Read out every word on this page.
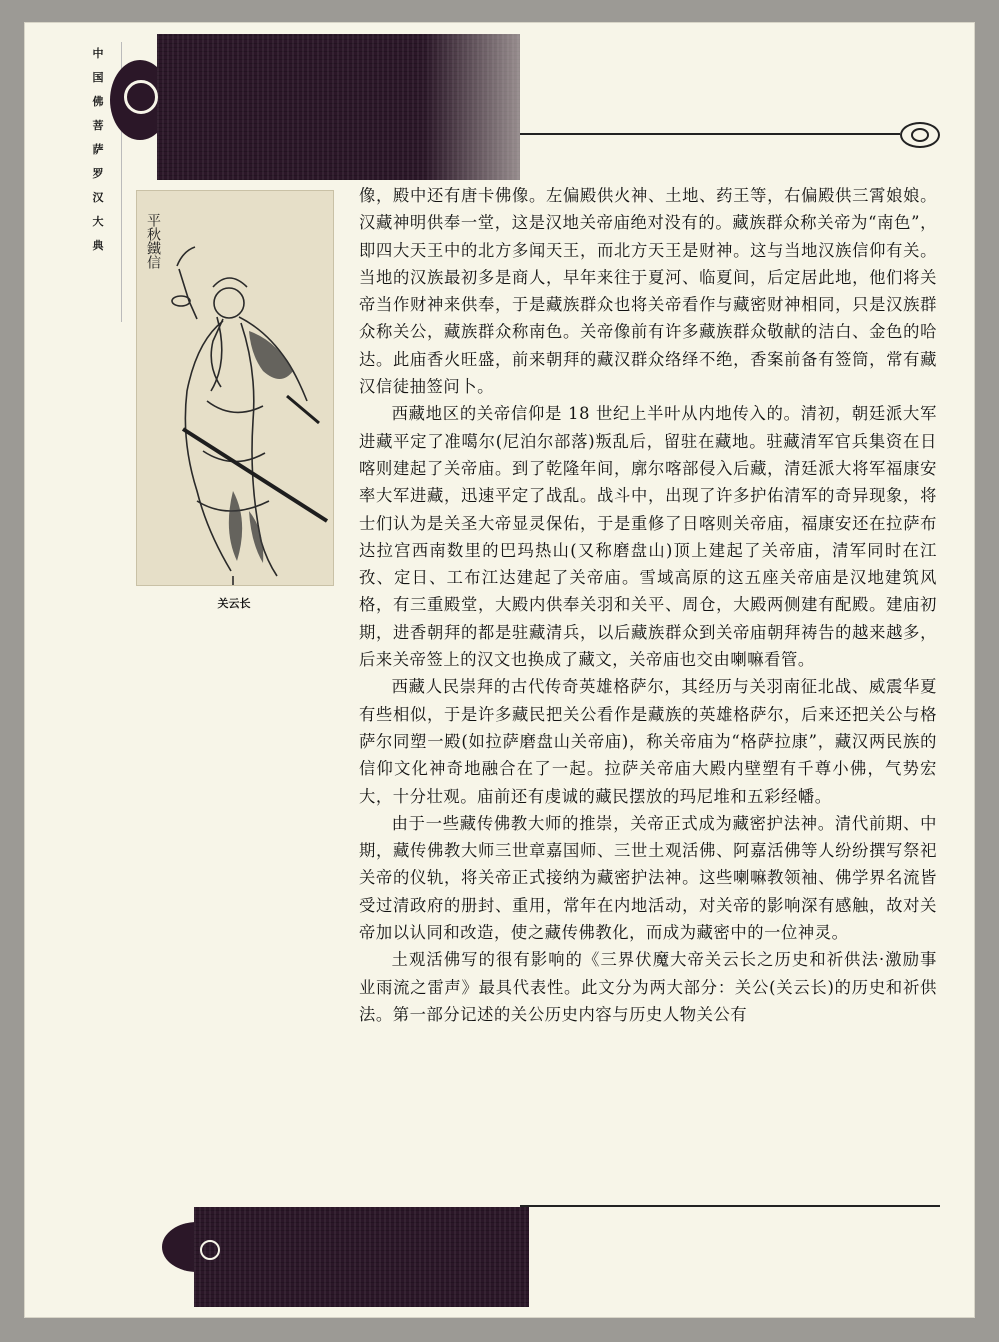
中
国
佛
菩
萨
罗
汉
大
典	平秋鐵信
关云长

像，殿中还有唐卡佛像。左偏殿供火神、土地、药王等，右偏殿供三霄娘娘。汉藏神明供奉一堂，这是汉地关帝庙绝对没有的。藏族群众称关帝为“南色”，即四大天王中的北方多闻天王，而北方天王是财神。这与当地汉族信仰有关。当地的汉族最初多是商人，早年来往于夏河、临夏间，后定居此地，他们将关帝当作财神来供奉，于是藏族群众也将关帝看作与藏密财神相同，只是汉族群众称关公，藏族群众称南色。关帝像前有许多藏族群众敬献的洁白、金色的哈达。此庙香火旺盛，前来朝拜的藏汉群众络绎不绝，香案前备有签筒，常有藏汉信徒抽签问卜。

西藏地区的关帝信仰是 18 世纪上半叶从内地传入的。清初，朝廷派大军进藏平定了准噶尔(尼泊尔部落)叛乱后，留驻在藏地。驻藏清军官兵集资在日喀则建起了关帝庙。到了乾隆年间，廓尔喀部侵入后藏，清廷派大将军福康安率大军进藏，迅速平定了战乱。战斗中，出现了许多护佑清军的奇异现象，将士们认为是关圣大帝显灵保佑，于是重修了日喀则关帝庙，福康安还在拉萨布达拉宫西南数里的巴玛热山(又称磨盘山)顶上建起了关帝庙，清军同时在江孜、定日、工布江达建起了关帝庙。雪域高原的这五座关帝庙是汉地建筑风格，有三重殿堂，大殿内供奉关羽和关平、周仓，大殿两侧建有配殿。建庙初期，进香朝拜的都是驻藏清兵，以后藏族群众到关帝庙朝拜祷告的越来越多，后来关帝签上的汉文也换成了藏文，关帝庙也交由喇嘛看管。

西藏人民崇拜的古代传奇英雄格萨尔，其经历与关羽南征北战、威震华夏有些相似，于是许多藏民把关公看作是藏族的英雄格萨尔，后来还把关公与格萨尔同塑一殿(如拉萨磨盘山关帝庙)，称关帝庙为“格萨拉康”，藏汉两民族的信仰文化神奇地融合在了一起。拉萨关帝庙大殿内壁塑有千尊小佛，气势宏大，十分壮观。庙前还有虔诚的藏民摆放的玛尼堆和五彩经幡。

由于一些藏传佛教大师的推崇，关帝正式成为藏密护法神。清代前期、中期，藏传佛教大师三世章嘉国师、三世土观活佛、阿嘉活佛等人纷纷撰写祭祀关帝的仪轨，将关帝正式接纳为藏密护法神。这些喇嘛教领袖、佛学界名流皆受过清政府的册封、重用，常年在内地活动，对关帝的影响深有感触，故对关帝加以认同和改造，使之藏传佛教化，而成为藏密中的一位神灵。

土观活佛写的很有影响的《三界伏魔大帝关云长之历史和祈供法·激励事业雨流之雷声》最具代表性。此文分为两大部分：关公(关云长)的历史和祈供法。第一部分记述的关公历史内容与历史人物关公有
